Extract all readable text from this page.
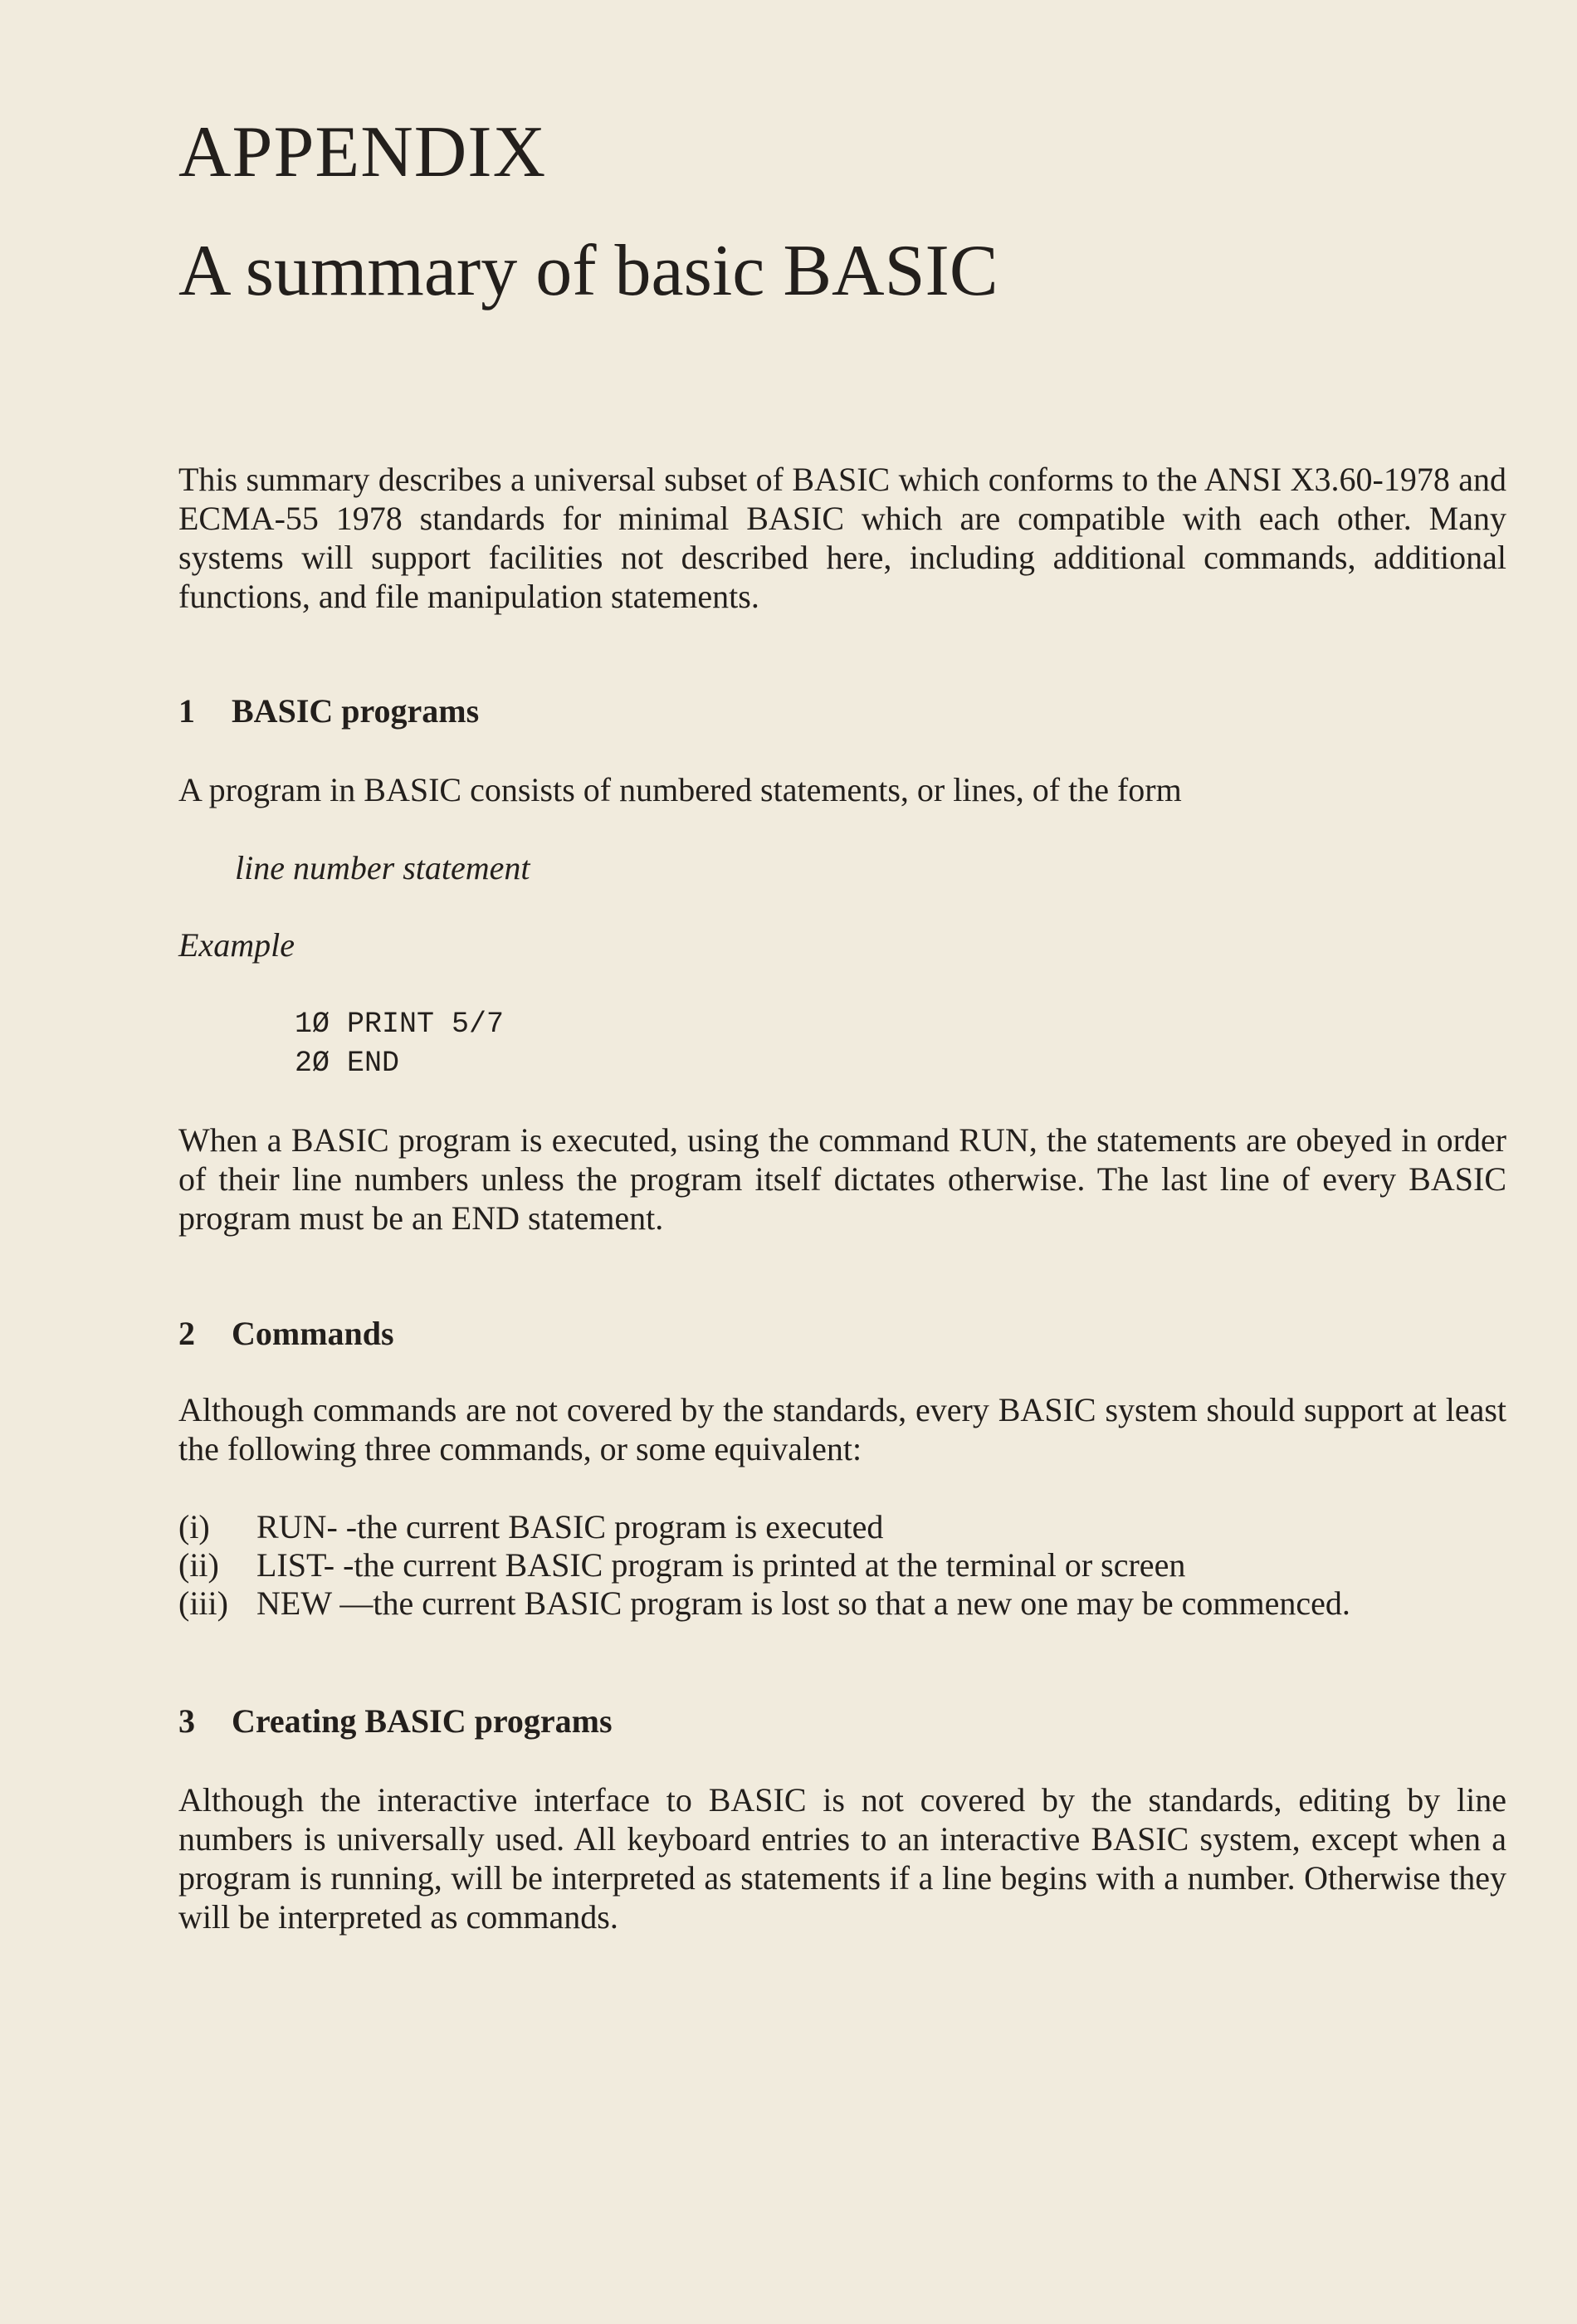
APPENDIX
A summary of basic BASIC
This summary describes a universal subset of BASIC which conforms to the ANSI X3.60-1978 and ECMA-55 1978 standards for minimal BASIC which are compatible with each other. Many systems will support facilities not described here, including additional commands, additional functions, and file manipulation statements.
1 BASIC programs
A program in BASIC consists of numbered statements, or lines, of the form
line number statement
Example
1Ø PRINT 5/7
2Ø END
When a BASIC program is executed, using the command RUN, the statements are obeyed in order of their line numbers unless the program itself dictates otherwise. The last line of every BASIC program must be an END statement.
2 Commands
Although commands are not covered by the standards, every BASIC system should support at least the following three commands, or some equivalent:
(i) RUN- -the current BASIC program is executed
(ii) LIST- -the current BASIC program is printed at the terminal or screen
(iii) NEW —the current BASIC program is lost so that a new one may be commenced.
3 Creating BASIC programs
Although the interactive interface to BASIC is not covered by the standards, editing by line numbers is universally used. All keyboard entries to an interactive BASIC system, except when a program is running, will be interpreted as statements if a line begins with a number. Otherwise they will be interpreted as commands.
